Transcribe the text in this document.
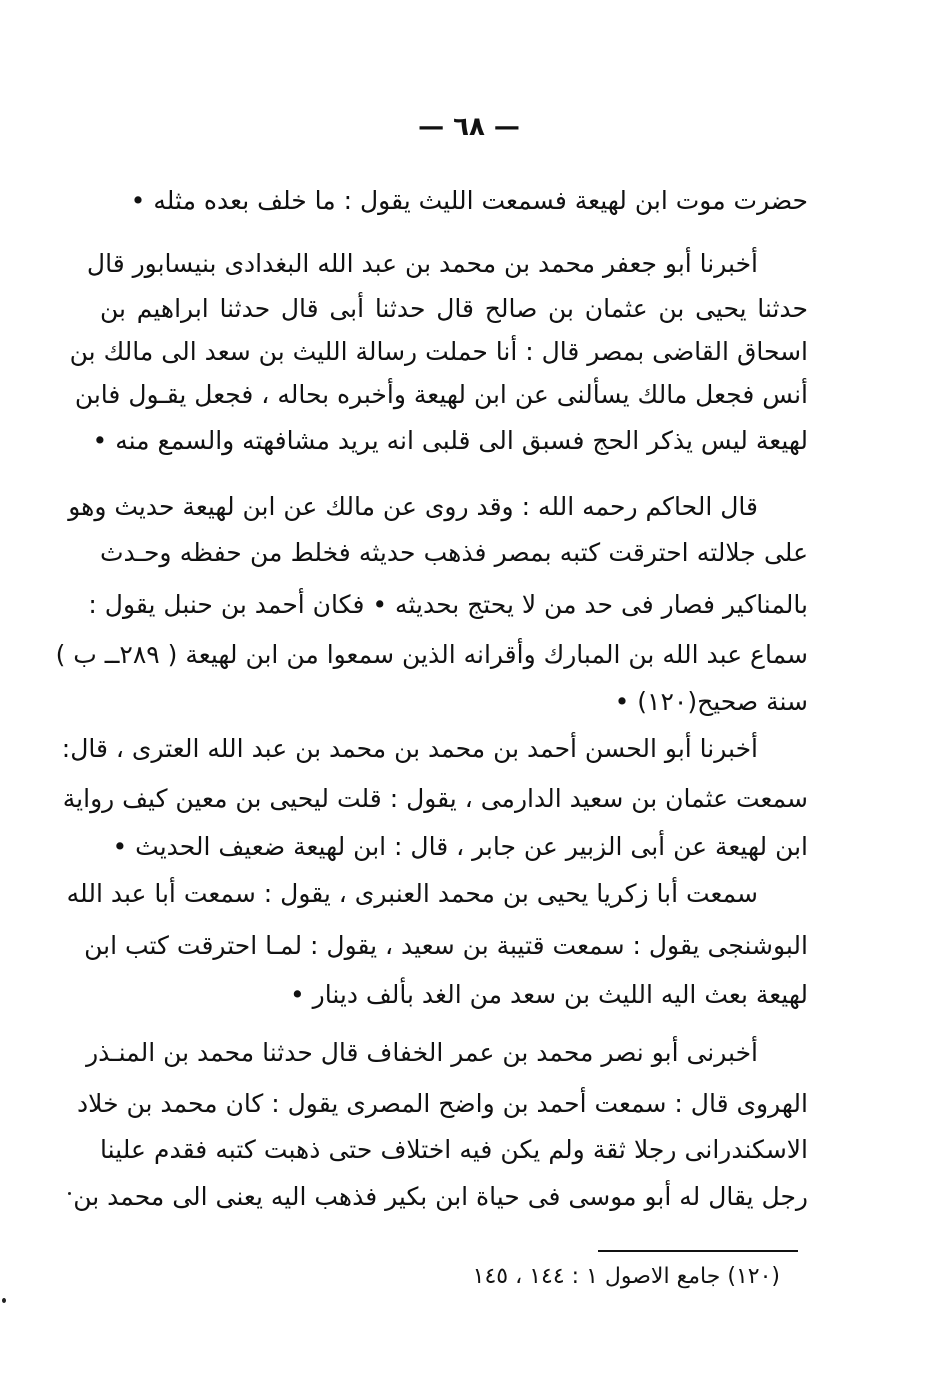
— ٦٨ —
حضرت موت ابن لهيعة فسمعت الليث يقول : ما خلف بعده مثله •
أخبرنا أبو جعفر محمد بن محمد بن عبد الله البغدادى بنيسابور قال
حدثنا يحيى بن عثمان بن صالح قال حدثنا أبى قال حدثنا ابراهيم بن
اسحاق القاضى بمصر قال : أنا حملت رسالة الليث بن سعد الى مالك بن
أنس فجعل مالك يسألنى عن ابن لهيعة وأخبره بحاله ، فجعل يقـول فابن
لهيعة ليس يذكر الحج فسبق الى قلبى انه يريد مشافهته والسمع منه •
قال الحاكم رحمه الله : وقد روى عن مالك عن ابن لهيعة حديث وهو
على جلالته احترقت كتبه بمصر فذهب حديثه فخلط من حفظه وحـدث
بالمناكير فصار فى حد من لا يحتج بحديثه • فكان أحمد بن حنبل يقول :
سماع عبد الله بن المبارك وأقرانه الذين سمعوا من ابن لهيعة ( ٢٨٩ــ ب )
سنة صحيح(١٢٠) •
أخبرنا أبو الحسن أحمد بن محمد بن محمد بن عبد الله العترى ، قال:
سمعت عثمان بن سعيد الدارمى ، يقول : قلت ليحيى بن معين كيف رواية
ابن لهيعة عن أبى الزبير عن جابر ، قال : ابن لهيعة ضعيف الحديث •
سمعت أبا زكريا يحيى بن محمد العنبرى ، يقول : سمعت أبا عبد الله
البوشنجى يقول : سمعت قتيبة بن سعيد ، يقول : لمـا احترقت كتب ابن
لهيعة بعث اليه الليث بن سعد من الغد بألف دينار •
أخبرنى أبو نصر محمد بن عمر الخفاف قال حدثنا محمد بن المنـذر
الهروى قال : سمعت أحمد بن واضح المصرى يقول : كان محمد بن خلاد
الاسكندرانى رجلا ثقة ولم يكن فيه اختلاف حتى ذهبت كتبه فقدم علينا
رجل يقال له أبو موسى فى حياة ابن بكير فذهب اليه يعنى الى محمد بن
(١٢٠) جامع الاصول ١ : ١٤٤ ، ١٤٥
